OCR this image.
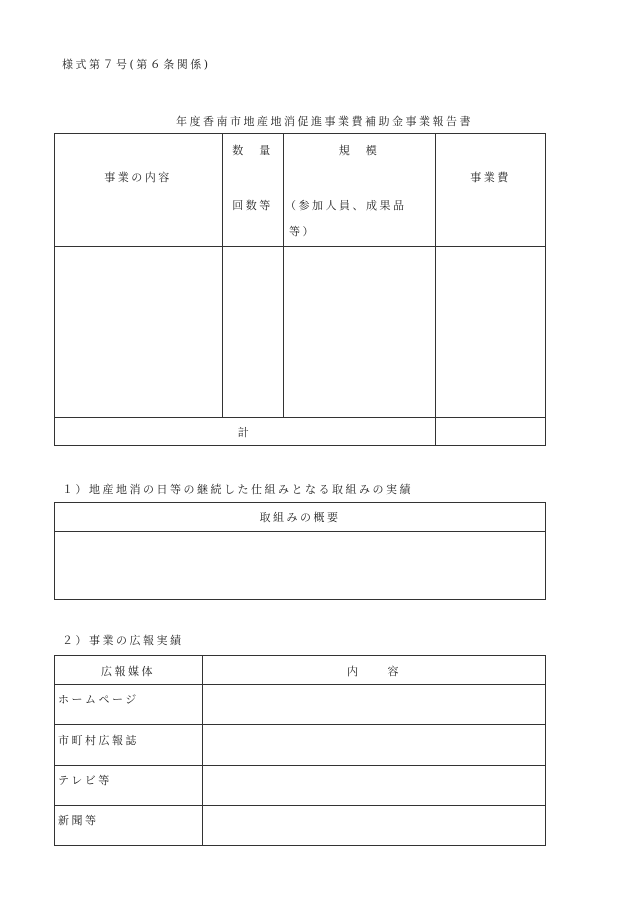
様式第７号(第６条関係)
年度香南市地産地消促進事業費補助金事業報告書
事業の内容
数　量
回数等
規　模
（参加人員、成果品
等）
事業費
計
１）地産地消の日等の継続した仕組みとなる取組みの実績
取組みの概要
２）事業の広報実績
広報媒体	内　　容
ホームページ
市町村広報誌
テレビ等
新聞等
